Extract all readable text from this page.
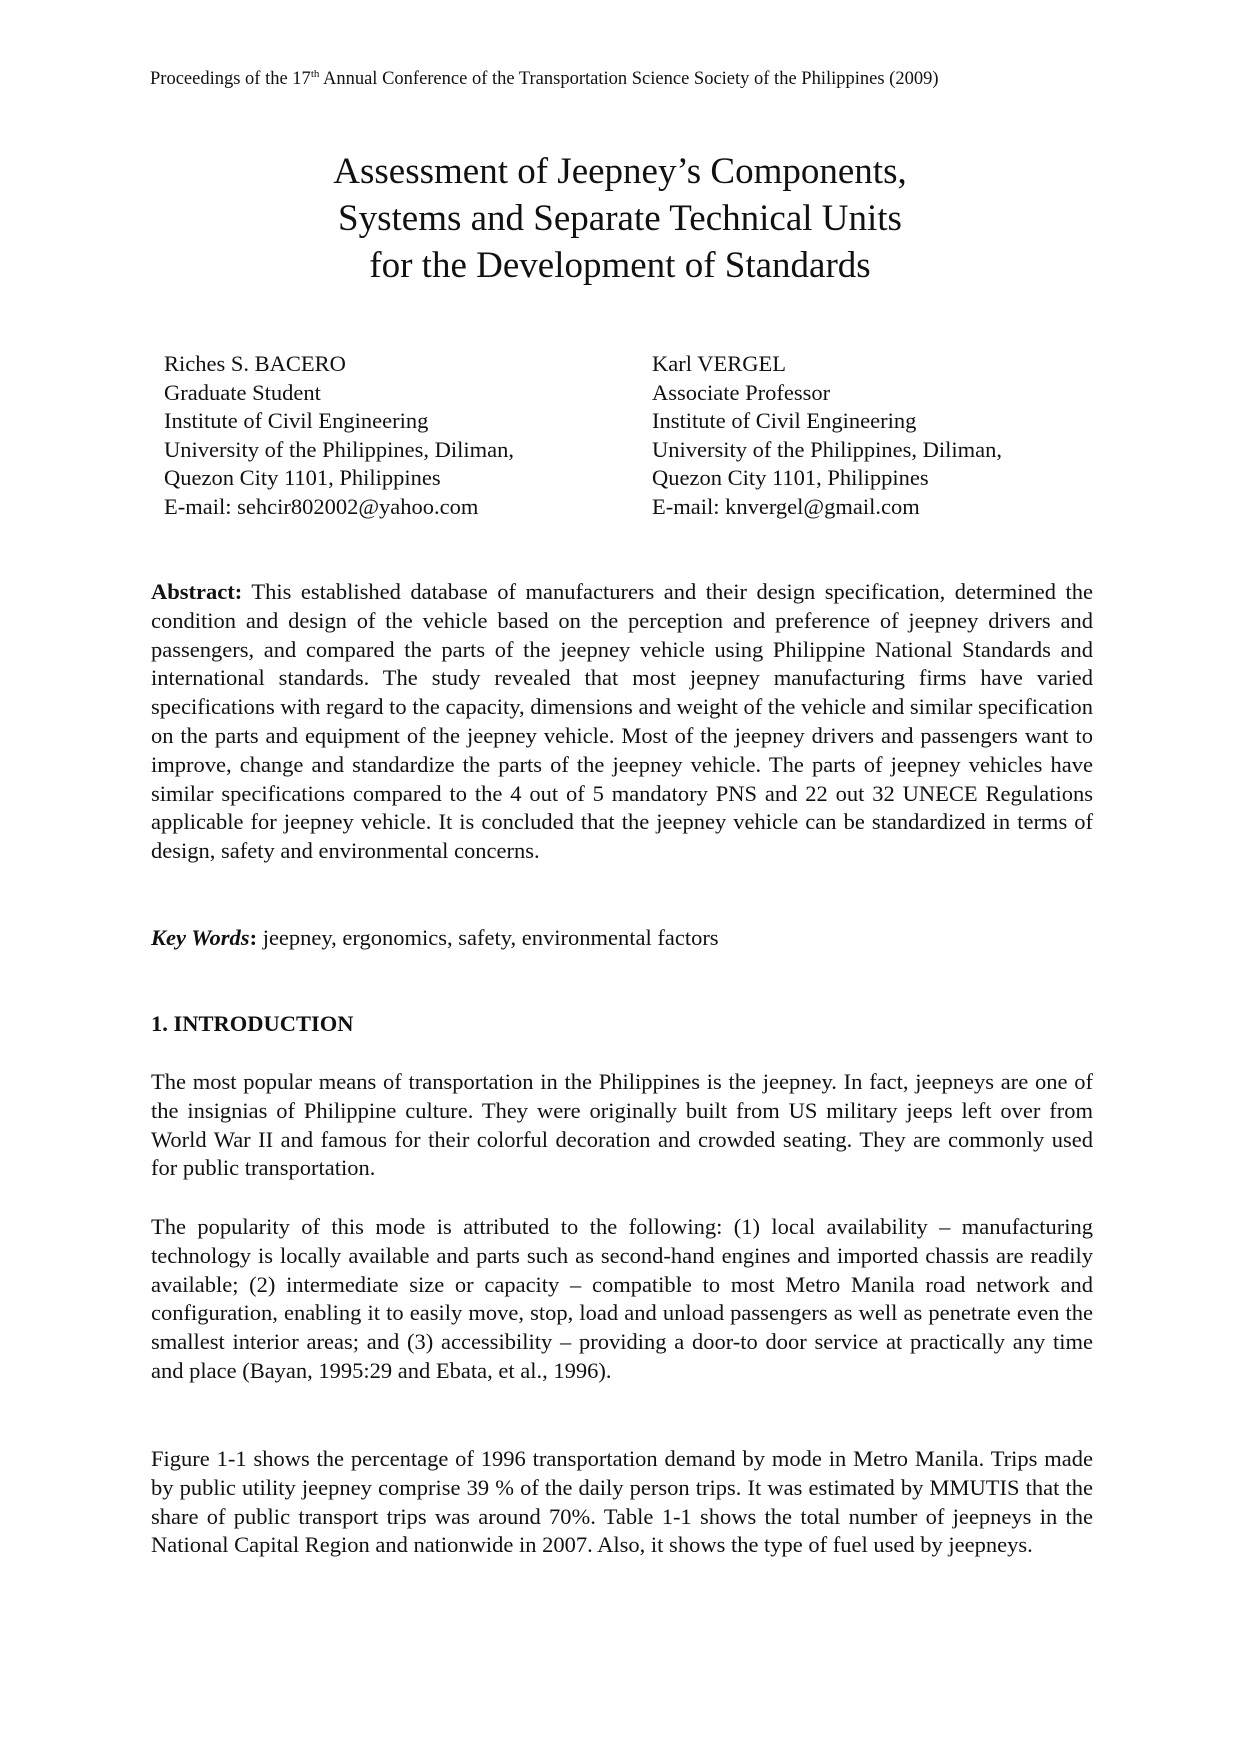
Proceedings of the 17th Annual Conference of the Transportation Science Society of the Philippines (2009)
Assessment of Jeepney’s Components,
Systems and Separate Technical Units
for the Development of Standards
Riches S. BACERO
Graduate Student
Institute of Civil Engineering
University of the Philippines, Diliman,
Quezon City 1101, Philippines
E-mail: sehcir802002@yahoo.com
Karl VERGEL
Associate Professor
Institute of Civil Engineering
University of the Philippines, Diliman,
Quezon City 1101, Philippines
E-mail: knvergel@gmail.com
Abstract: This established database of manufacturers and their design specification, determined the condition and design of the vehicle based on the perception and preference of jeepney drivers and passengers, and compared the parts of the jeepney vehicle using Philippine National Standards and international standards. The study revealed that most jeepney manufacturing firms have varied specifications with regard to the capacity, dimensions and weight of the vehicle and similar specification on the parts and equipment of the jeepney vehicle. Most of the jeepney drivers and passengers want to improve, change and standardize the parts of the jeepney vehicle. The parts of jeepney vehicles have similar specifications compared to the 4 out of 5 mandatory PNS and 22 out 32 UNECE Regulations applicable for jeepney vehicle. It is concluded that the jeepney vehicle can be standardized in terms of design, safety and environmental concerns.
Key Words: jeepney, ergonomics, safety, environmental factors
1. INTRODUCTION
The most popular means of transportation in the Philippines is the jeepney. In fact, jeepneys are one of the insignias of Philippine culture. They were originally built from US military jeeps left over from World War II and famous for their colorful decoration and crowded seating. They are commonly used for public transportation.
The popularity of this mode is attributed to the following: (1) local availability – manufacturing technology is locally available and parts such as second-hand engines and imported chassis are readily available; (2) intermediate size or capacity – compatible to most Metro Manila road network and configuration, enabling it to easily move, stop, load and unload passengers as well as penetrate even the smallest interior areas; and (3) accessibility – providing a door-to door service at practically any time and place (Bayan, 1995:29 and Ebata, et al., 1996).
Figure 1-1 shows the percentage of 1996 transportation demand by mode in Metro Manila. Trips made by public utility jeepney comprise 39 % of the daily person trips. It was estimated by MMUTIS that the share of public transport trips was around 70%. Table 1-1 shows the total number of jeepneys in the National Capital Region and nationwide in 2007. Also, it shows the type of fuel used by jeepneys.
